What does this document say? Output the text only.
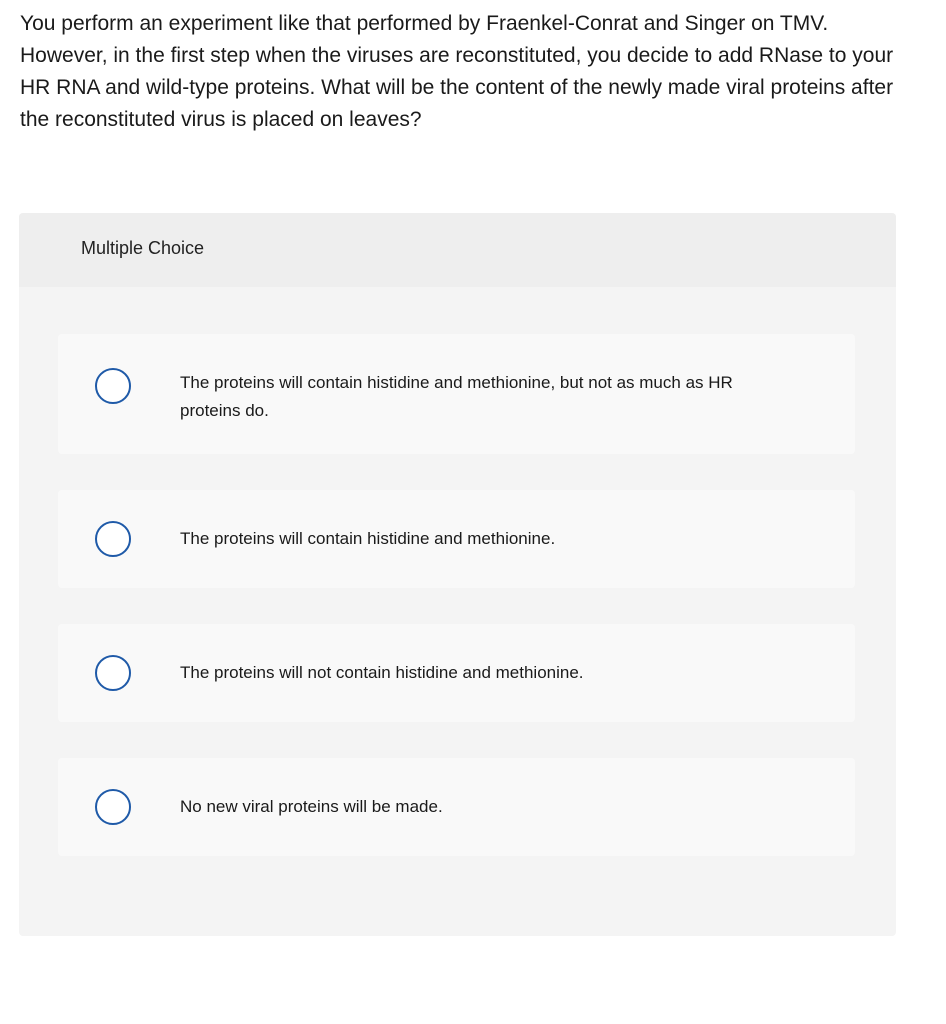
You perform an experiment like that performed by Fraenkel-Conrat and Singer on TMV. However, in the first step when the viruses are reconstituted, you decide to add RNase to your HR RNA and wild-type proteins. What will be the content of the newly made viral proteins after the reconstituted virus is placed on leaves?

Multiple Choice
The proteins will contain histidine and methionine, but not as much as HR proteins do.
The proteins will contain histidine and methionine.
The proteins will not contain histidine and methionine.
No new viral proteins will be made.
